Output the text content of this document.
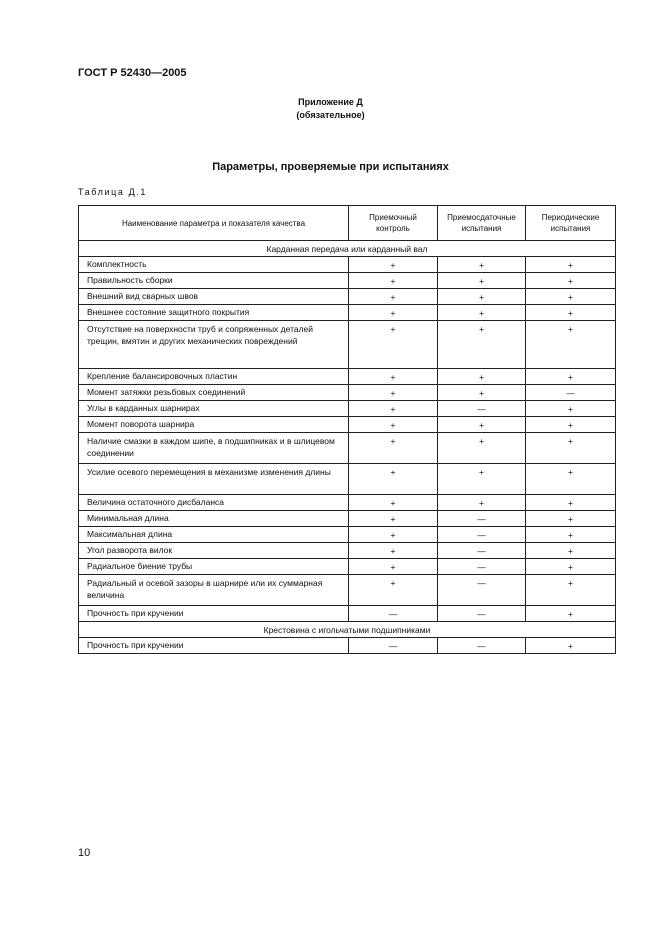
ГОСТ Р 52430—2005
Приложение Д
(обязательное)
Параметры, проверяемые при испытаниях
Таблица Д.1
Наименование параметра и показателя качества	Приемочный контроль	Приемосдаточные испытания	Периодические испытания
Карданная передача или карданный вал			
Комплектность	+	+	+
Правильность сборки	+	+	+
Внешний вид сварных швов	+	+	+
Внешнее состояние защитного покрытия	+	+	+
Отсутствие на поверхности труб и сопряженных деталей трещин, вмятин и других механических повреждений	+	+	+
Крепление балансировочных пластин	+	+	+
Момент затяжки резьбовых соединений	+	+	—
Углы в карданных шарнирах	+	—	+
Момент поворота шарнира	+	+	+
Наличие смазки в каждом шипе, в подшипниках и в шлицевом соединении	+	+	+
Усилие осевого перемещения в механизме изменения длины	+	+	+
Величина остаточного дисбаланса	+	+	+
Минимальная длина	+	—	+
Максимальная длина	+	—	+
Угол разворота вилок	+	—	+
Радиальное биение трубы	+	—	+
Радиальный и осевой зазоры в шарнире или их суммарная величина	+	—	+
Прочность при кручении	—	—	+
Крестовина с игольчатыми подшипниками			
Прочность при кручении	—	—	+
10
